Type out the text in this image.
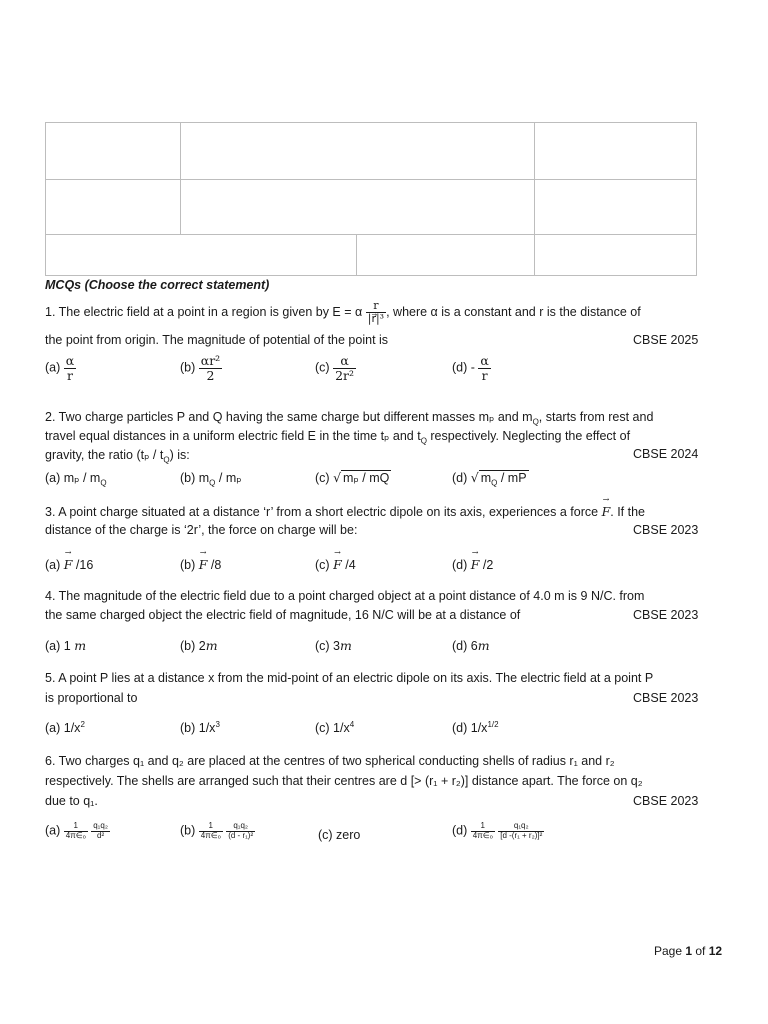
MCQs (Choose the correct statement)
1. The electric field at a point in a region is given by E = α $\frac{r}{\text{|r⃗|³}}$ , where α is a constant and r is the distance of
the point from origin. The magnitude of potential of the point is	CBSE 2025
$(a) \frac{\alpha}{r}$	$(b) \frac{\text{αr²}}{2}$	$(c) \frac{\alpha}{\text{2r²}}$	$(d) - \frac{\alpha}{r}$
2. Two charge particles P and Q having the same charge but different masses mₚ and $m_Q$, starts from rest and
travel equal distances in a uniform electric field E in the time tₚ and $t_Q$ respectively. Neglecting the effect of
gravity, the ratio $(t_p / t_Q)$ is:	CBSE 2024
(a) mₚ / $m_Q$	(b) $m_Q$ / mₚ	(c) √ mₚ / mQ	(d) √ $m_Q$ / mP
3. A point charge situated at a distance ‘r’ from a short electric dipole on its axis, experiences a force → F. If the
distance of the charge is ‘2r’, the force on charge will be:	CBSE 2023
(a) → F /16	(b) → F /8	(c) → F /4	(d) → F /2
4. The magnitude of the electric field due to a point charged object at a point distance of 4.0 m is 9 N/C. from
the same charged object the electric field of magnitude, 16 N/C will be at a distance of	CBSE 2023
(a) 1 m	(b) 2m	(c) 3m	(d) 6m
5. A point P lies at a distance x from the mid-point of an electric dipole on its axis. The electric field at a point P
is proportional to	CBSE 2023
(a) $1/x^2$	(b) $1/x^3$	(c) $1/x^4$	(d) $1/x^{1/2}$
6. Two charges q₁ and q₂ are placed at the centres of two spherical conducting shells of radius r₁ and r₂
respectively. The shells are arranged such that their centres are d [> (r₁ + r₂)] distance apart. The force on q₂
due to q₁.	CBSE 2023
$(a) \frac{1}{\text{4π∈ₒ}}$
$\frac{\text{q₁q₂}}{\text{d²}}$	$(b) \frac{1}{\text{4π∈ₒ}}$
$\frac{\text{q₁q₂}}{\text{(d - r₁)²}}$	(c) zero	$(d) \frac{1}{\text{4π∈ₒ}}$
$\frac{\text{q₁q₂}}{\text{[d -(r₁ + r₂)]²}}$
Page 1 of 12
